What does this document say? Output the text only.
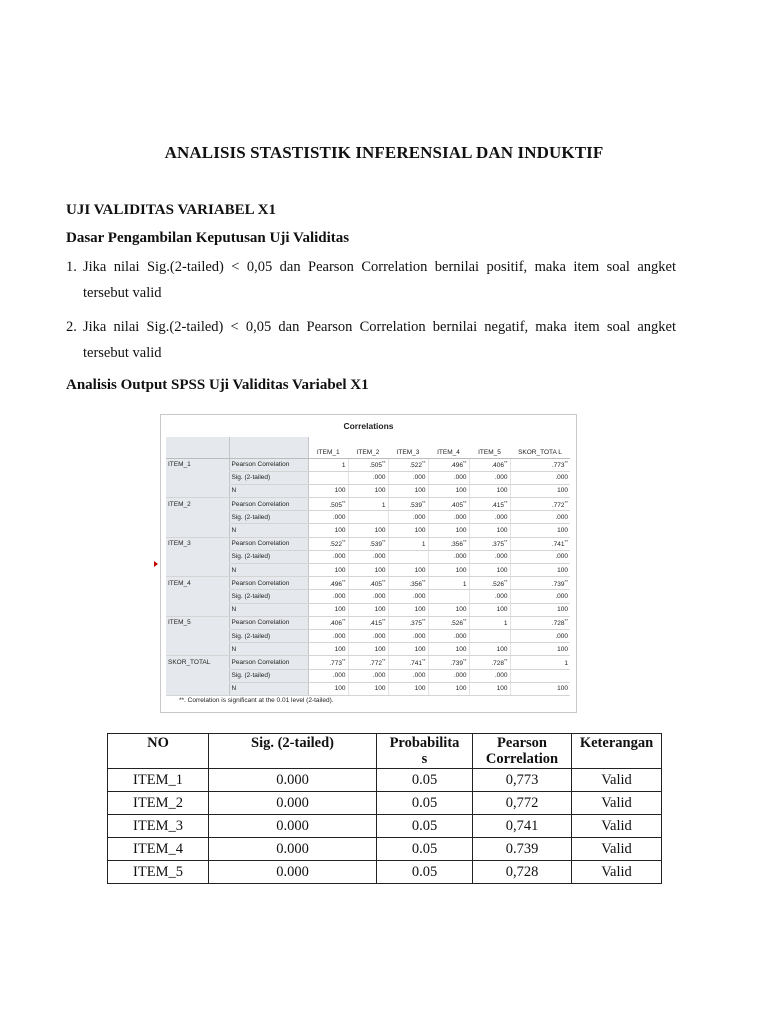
ANALISIS STASTISTIK INFERENSIAL DAN INDUKTIF
UJI VALIDITAS VARIABEL X1
Dasar Pengambilan Keputusan Uji Validitas
1. Jika nilai Sig.(2-tailed) < 0,05 dan Pearson Correlation bernilai positif, maka item soal angket
tersebut valid
2. Jika nilai Sig.(2-tailed) < 0,05 dan Pearson Correlation bernilai negatif, maka item soal angket
tersebut valid
Analisis Output SPSS Uji Validitas Variabel X1
Correlations
		ITEM_1	ITEM_2	ITEM_3	ITEM_4	ITEM_5	SKOR_TOTA L
ITEM_1	Pearson Correlation	1	.505**	.522**	.496**	.406**	.773**
	Sig. (2-tailed)		.000	.000	.000	.000	.000
	N	100	100	100	100	100	100
ITEM_2	Pearson Correlation	.505**	1	.539**	.405**	.415**	.772**
	Sig. (2-tailed)	.000		.000	.000	.000	.000
	N	100	100	100	100	100	100
ITEM_3	Pearson Correlation	.522**	.539**	1	.356**	.375**	.741**
	Sig. (2-tailed)	.000	.000		.000	.000	.000
	N	100	100	100	100	100	100
ITEM_4	Pearson Correlation	.496**	.405**	.356**	1	.526**	.739**
	Sig. (2-tailed)	.000	.000	.000		.000	.000
	N	100	100	100	100	100	100
ITEM_5	Pearson Correlation	.406**	.415**	.375**	.526**	1	.728**
	Sig. (2-tailed)	.000	.000	.000	.000		.000
	N	100	100	100	100	100	100
SKOR_TOTAL	Pearson Correlation	.773**	.772**	.741**	.739**	.728**	1
	Sig. (2-tailed)	.000	.000	.000	.000	.000	
	N	100	100	100	100	100	100
**. Correlation is significant at the 0.01 level (2-tailed).
NO	Sig. (2-tailed)	Probabilita
s	Pearson
Correlation	Keterangan
ITEM_1	0.000	0.05	0,773	Valid
ITEM_2	0.000	0.05	0,772	Valid
ITEM_3	0.000	0.05	0,741	Valid
ITEM_4	0.000	0.05	0.739	Valid
ITEM_5	0.000	0.05	0,728	Valid
